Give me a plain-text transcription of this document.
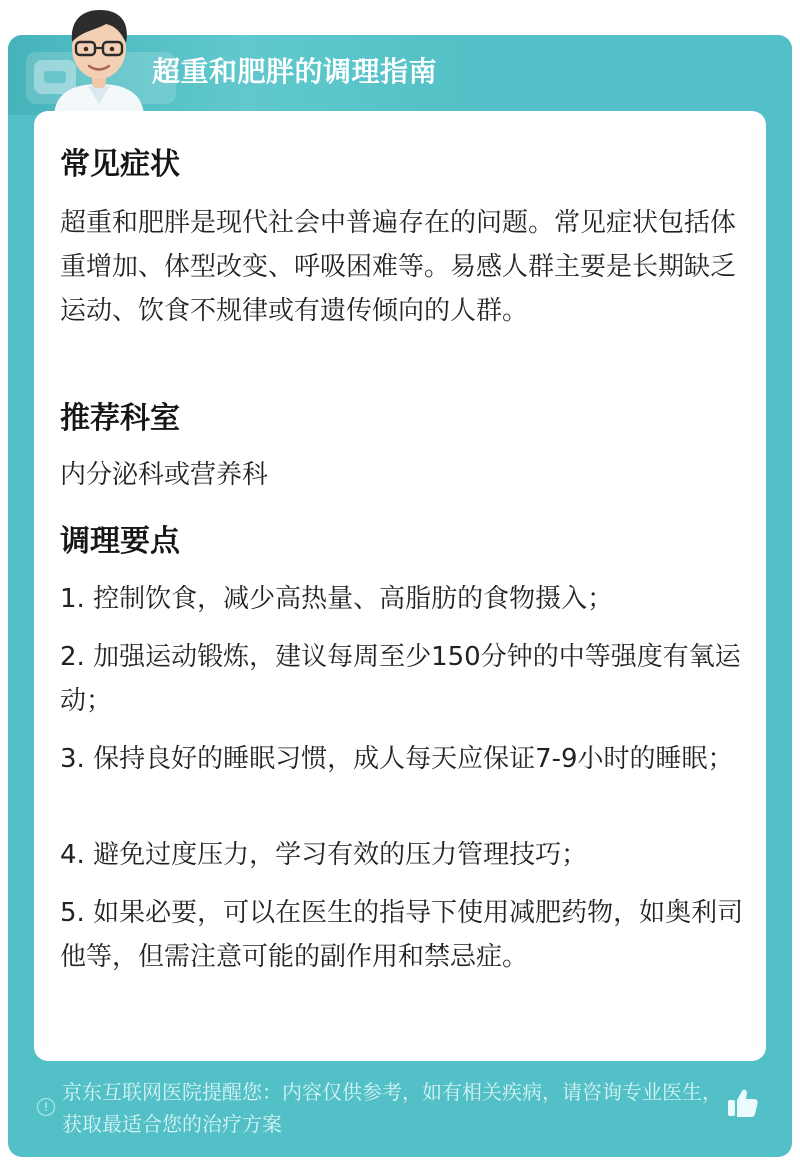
超重和肥胖的调理指南
常见症状
超重和肥胖是现代社会中普遍存在的问题。常见症状包括体重增加、体型改变、呼吸困难等。易感人群主要是长期缺乏运动、饮食不规律或有遗传倾向的人群。
推荐科室
内分泌科或营养科
调理要点
1. 控制饮食，减少高热量、高脂肪的食物摄入；
2. 加强运动锻炼，建议每周至少150分钟的中等强度有氧运动；
3. 保持良好的睡眠习惯，成人每天应保证7-9小时的睡眠；
4. 避免过度压力，学习有效的压力管理技巧；
5. 如果必要，可以在医生的指导下使用减肥药物，如奥利司他等，但需注意可能的副作用和禁忌症。
!
京东互联网医院提醒您：内容仅供参考，如有相关疾病，请咨询专业医生，获取最适合您的治疗方案
